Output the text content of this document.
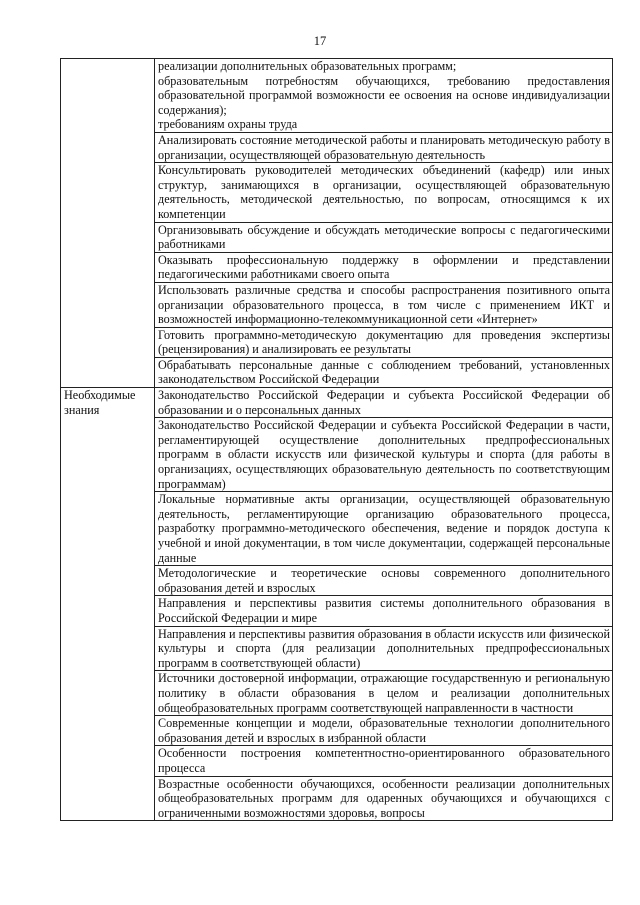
17

	реализации дополнительных образовательных программ;

образовательным потребностям обучающихся, требованию предоставления образовательной программой возможности ее освоения на основе индивидуализации содержания);

требованиям охраны труда

	Анализировать состояние методической работы и планировать методическую работу в организации, осуществляющей образовательную деятельность
	Консультировать руководителей методических объединений (кафедр) или иных структур, занимающихся в организации, осуществляющей образовательную деятельность, методической деятельностью, по вопросам, относящимся к их компетенции
	Организовывать обсуждение и обсуждать методические вопросы с педагогическими работниками
	Оказывать профессиональную поддержку в оформлении и представлении педагогическими работниками своего опыта
	Использовать различные средства и способы распространения позитивного опыта организации образовательного процесса, в том числе с применением ИКТ и возможностей информационно-телекоммуникационной сети «Интернет»
	Готовить программно-методическую документацию для проведения экспертизы (рецензирования) и анализировать ее результаты
	Обрабатывать персональные данные с соблюдением требований, установленных законодательством Российской Федерации
Необходимые знания	Законодательство Российской Федерации и субъекта Российской Федерации об образовании и о персональных данных
	Законодательство Российской Федерации и субъекта Российской Федерации в части, регламентирующей осуществление дополнительных предпрофессиональных программ в области искусств или физической культуры и спорта (для работы в организациях, осуществляющих образовательную деятельность по соответствующим программам)
	Локальные нормативные акты организации, осуществляющей образовательную деятельность, регламентирующие организацию образовательного процесса, разработку программно-методического обеспечения, ведение и порядок доступа к учебной и иной документации, в том числе документации, содержащей персональные данные
	Методологические и теоретические основы современного дополнительного образования детей и взрослых
	Направления и перспективы развития системы дополнительного образования в Российской Федерации и мире
	Направления и перспективы развития образования в области искусств или физической культуры и спорта (для реализации дополнительных предпрофессиональных программ в соответствующей области)
	Источники достоверной информации, отражающие государственную и региональную политику в области образования в целом и реализации дополнительных общеобразовательных программ соответствующей направленности в частности
	Современные концепции и модели, образовательные технологии дополнительного образования детей и взрослых в избранной области
	Особенности построения компетентностно-ориентированного образовательного процесса
	Возрастные особенности обучающихся, особенности реализации дополнительных общеобразовательных программ для одаренных обучающихся и обучающихся с ограниченными возможностями здоровья, вопросы
